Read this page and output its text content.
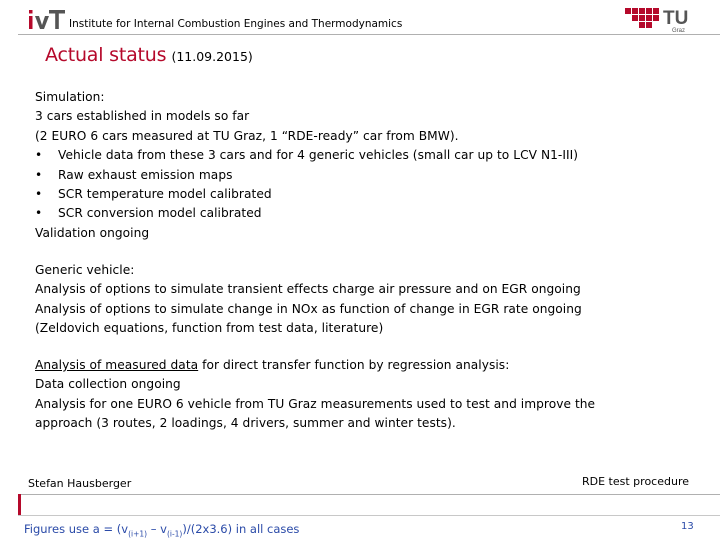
Institute for Internal Combustion Engines and Thermodynamics	TU
Graz
Actual status (11.09.2015)
Simulation:
3 cars established in models so far
(2 EURO 6 cars measured at TU Graz, 1 “RDE-ready” car from BMW).
• Vehicle data from these 3 cars and for 4 generic vehicles (small car up to LCV N1-III)
• Raw exhaust emission maps
• SCR temperature model calibrated
• SCR conversion model calibrated
Validation ongoing
Generic vehicle:
Analysis of options to simulate transient effects charge air pressure and on EGR ongoing
Analysis of options to simulate change in NOx as function of change in EGR rate ongoing
(Zeldovich equations, function from test data, literature)
Analysis of measured data for direct transfer function by regression analysis:
Data collection ongoing
Analysis for one EURO 6 vehicle from TU Graz measurements used to test and improve the
approach (3 routes, 2 loadings, 4 drivers, summer and winter tests).
Stefan Hausberger	RDE test procedure
Figures use $a = (v_{(i+1)} - v_{(i-1)})/(2x3.6)$ in all cases	13
